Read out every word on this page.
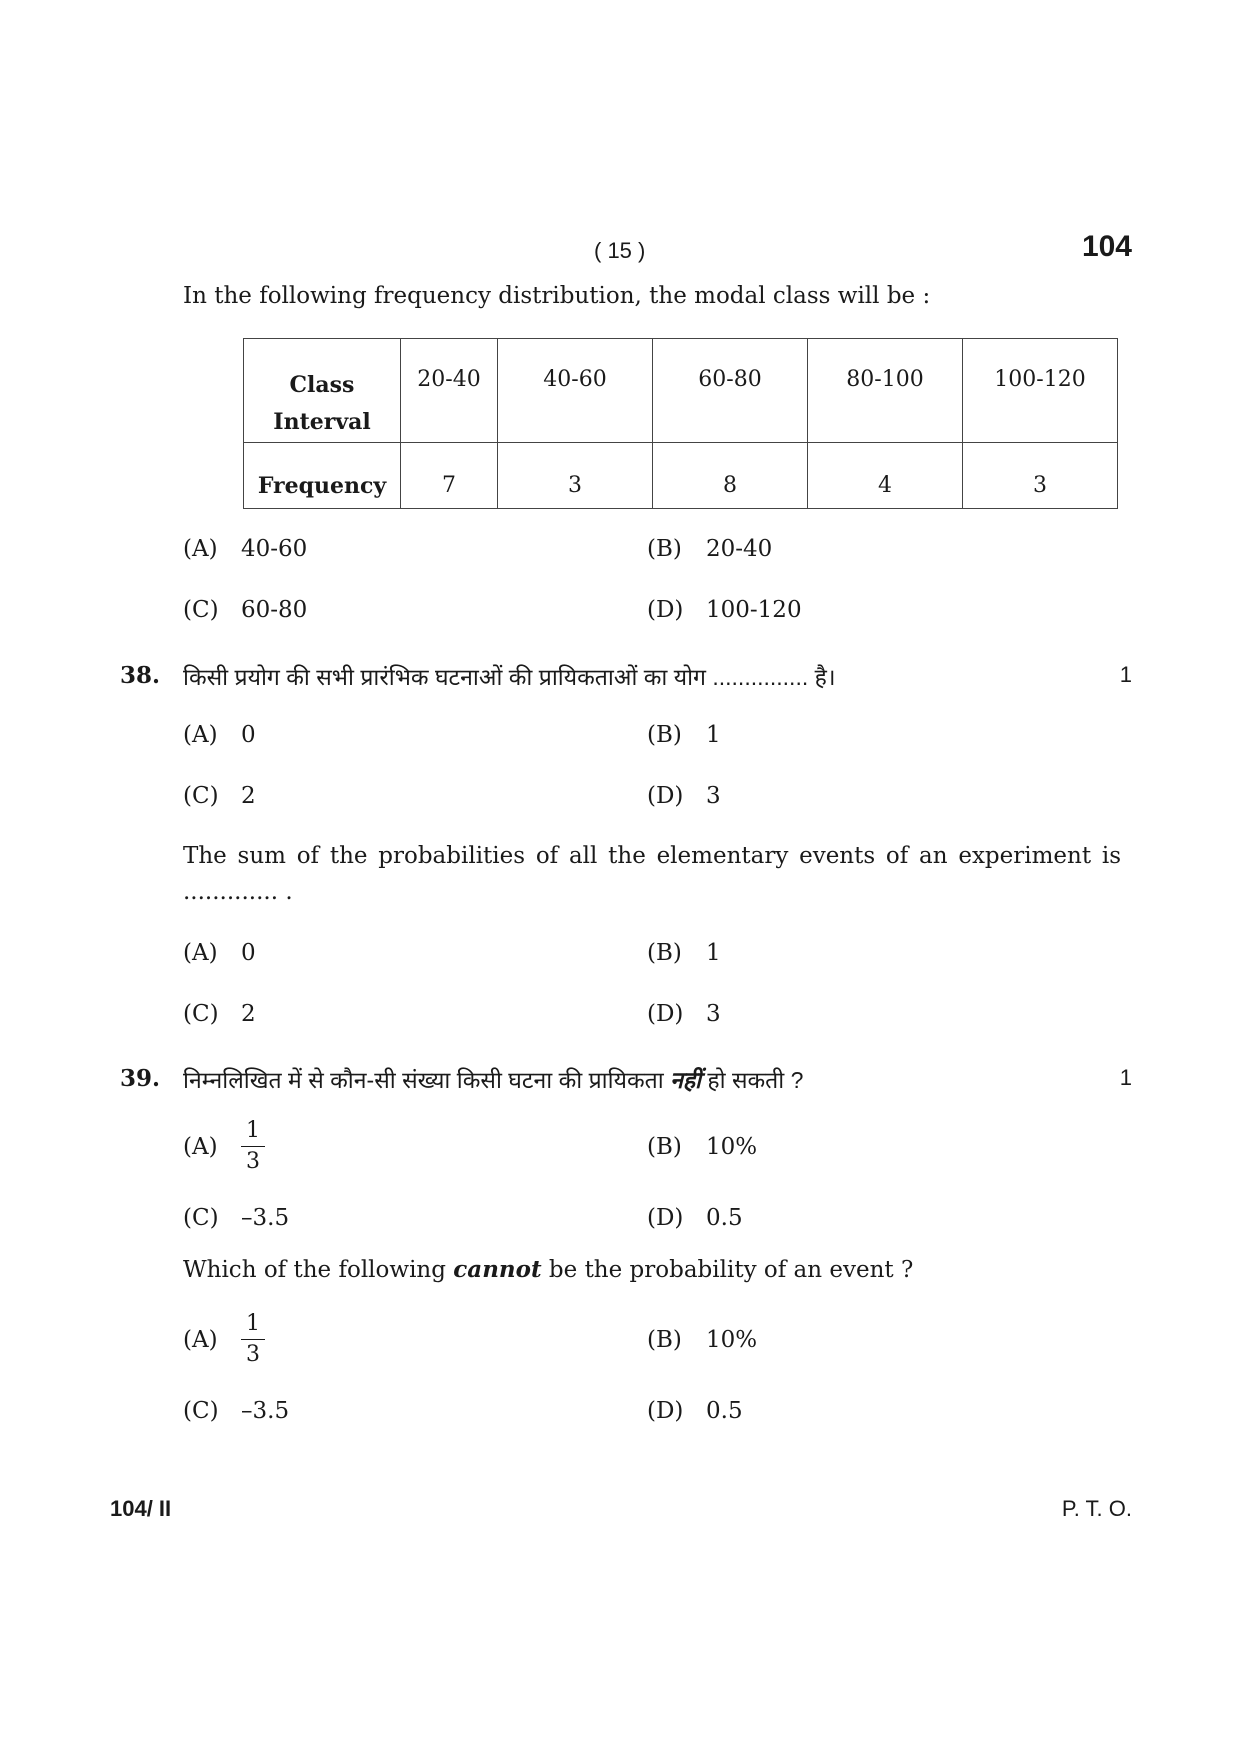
( 15 )	104
In the following frequency distribution, the modal class will be :
Class
Interval	20-40	40-60	60-80	80-100	100-120
Frequency	7	3	8	4	3
(A) 40-60	(B) 20-40
(C) 60-80	(D) 100-120
38. किसी प्रयोग की सभी प्रारंभिक घटनाओं की प्रायिकताओं का योग ............... है।	1
(A) 0	(B) 1
(C) 2	(D) 3
The sum of the probabilities of all the elementary events of an experiment is ............. .
(A) 0	(B) 1
(C) 2	(D) 3
39. निम्नलिखित में से कौन-सी संख्या किसी घटना की प्रायिकता नहीं हो सकती ?	1
(A)
1
3
(B) 10%
(C) –3.5	(D) 0.5
Which of the following cannot be the probability of an event ?
(A)
1
3
(B) 10%
(C) –3.5	(D) 0.5
104/ II	P. T. O.
